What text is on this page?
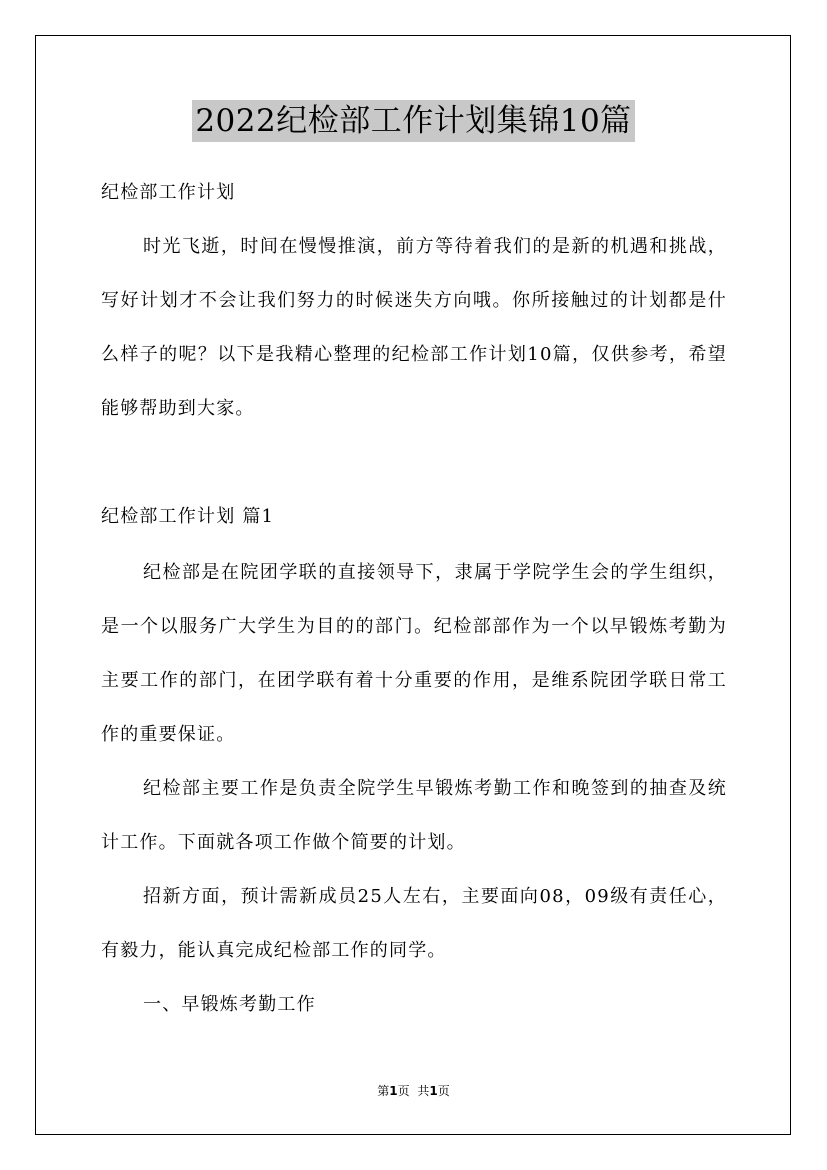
2022纪检部工作计划集锦10篇
纪检部工作计划
时光飞逝，时间在慢慢推演，前方等待着我们的是新的机遇和挑战，写好计划才不会让我们努力的时候迷失方向哦。你所接触过的计划都是什么样子的呢？以下是我精心整理的纪检部工作计划10篇，仅供参考，希望能够帮助到大家。
纪检部工作计划 篇1
纪检部是在院团学联的直接领导下，隶属于学院学生会的学生组织，是一个以服务广大学生为目的的部门。纪检部部作为一个以早锻炼考勤为主要工作的部门，在团学联有着十分重要的作用，是维系院团学联日常工作的重要保证。
纪检部主要工作是负责全院学生早锻炼考勤工作和晚签到的抽查及统计工作。下面就各项工作做个简要的计划。
招新方面，预计需新成员25人左右，主要面向08，09级有责任心，有毅力，能认真完成纪检部工作的同学。
一、早锻炼考勤工作
第1页 共1页
